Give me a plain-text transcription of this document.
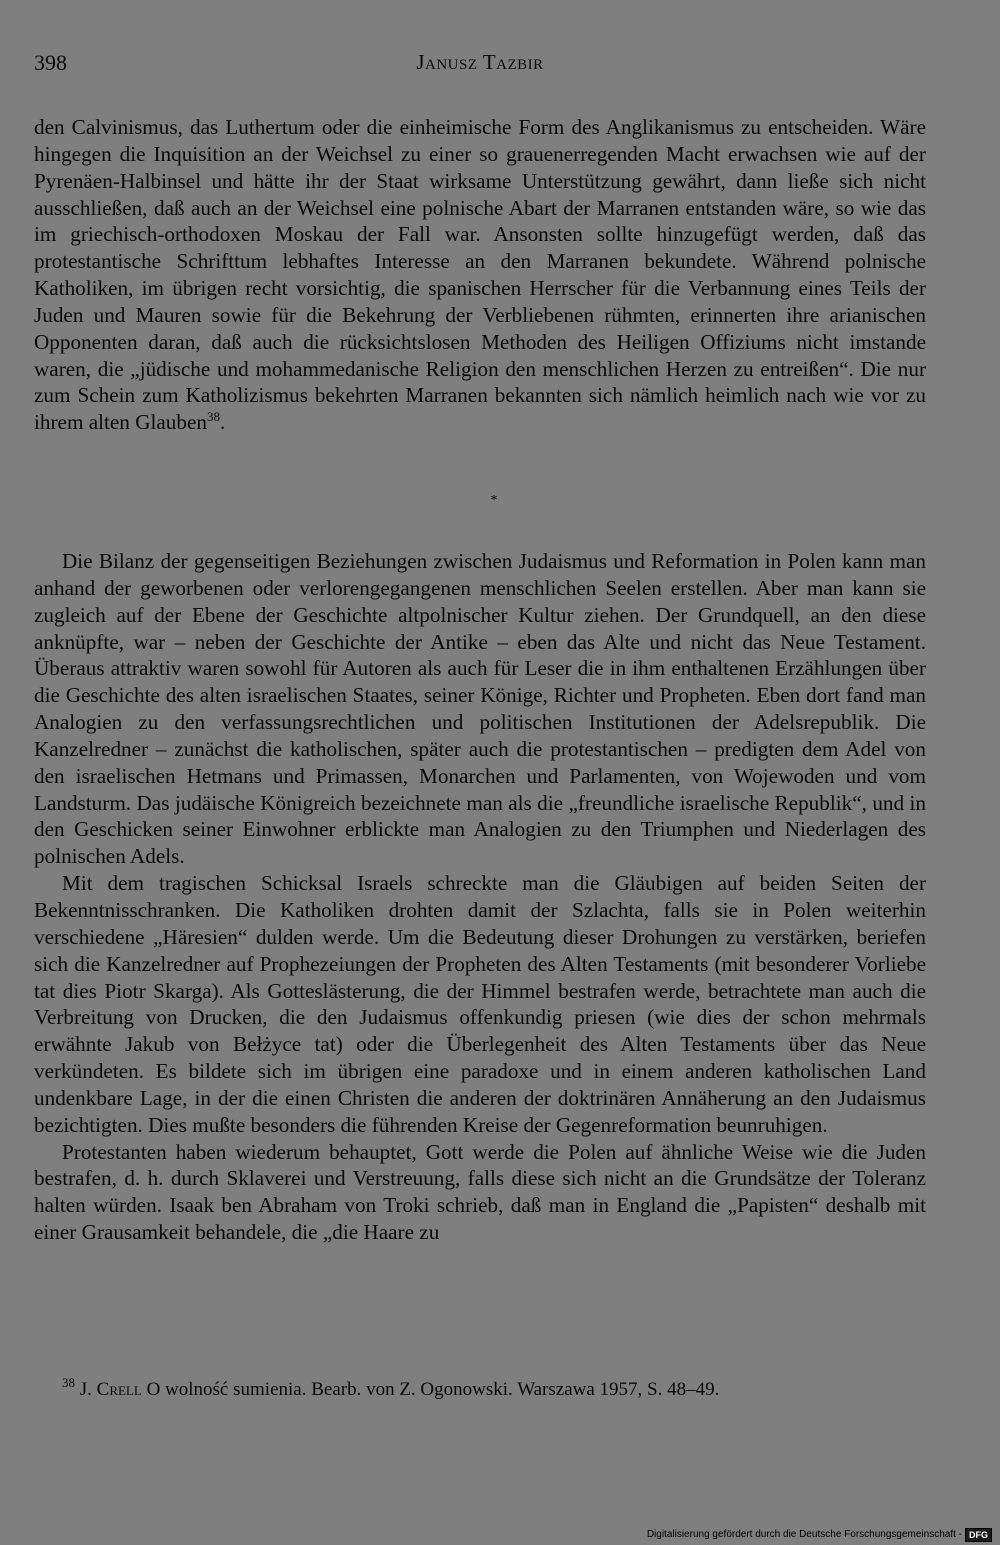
398	Janusz Tazbir

den Calvinismus, das Luthertum oder die einheimische Form des Anglikanismus zu entscheiden. Wäre hingegen die Inquisition an der Weichsel zu einer so grauenerregenden Macht erwachsen wie auf der Pyrenäen-Halbinsel und hätte ihr der Staat wirksame Unterstützung gewährt, dann ließe sich nicht ausschließen, daß auch an der Weichsel eine polnische Abart der Marranen entstanden wäre, so wie das im griechisch-orthodoxen Moskau der Fall war. Ansonsten sollte hinzugefügt werden, daß das protestantische Schrifttum lebhaftes Interesse an den Marranen bekundete. Während polnische Katholiken, im übrigen recht vorsichtig, die spanischen Herrscher für die Verbannung eines Teils der Juden und Mauren sowie für die Bekehrung der Verbliebenen rühmten, erinnerten ihre arianischen Opponenten daran, daß auch die rücksichtslosen Methoden des Heiligen Offiziums nicht imstande waren, die „jüdische und mohammedanische Religion den menschlichen Herzen zu entreißen“. Die nur zum Schein zum Katholizismus bekehrten Marranen bekannten sich nämlich heimlich nach wie vor zu ihrem alten Glauben$^{38}$.

*

Die Bilanz der gegenseitigen Beziehungen zwischen Judaismus und Reformation in Polen kann man anhand der geworbenen oder verlorengegangenen menschlichen Seelen erstellen. Aber man kann sie zugleich auf der Ebene der Geschichte altpolnischer Kultur ziehen. Der Grundquell, an den diese anknüpfte, war – neben der Geschichte der Antike – eben das Alte und nicht das Neue Testament. Überaus attraktiv waren sowohl für Autoren als auch für Leser die in ihm enthaltenen Erzählungen über die Geschichte des alten israelischen Staates, seiner Könige, Richter und Propheten. Eben dort fand man Analogien zu den verfassungsrechtlichen und politischen Institutionen der Adelsrepublik. Die Kanzelredner – zunächst die katholischen, später auch die protestantischen – predigten dem Adel von den israelischen Hetmans und Primassen, Monarchen und Parlamenten, von Wojewoden und vom Landsturm. Das judäische Königreich bezeichnete man als die „freundliche israelische Republik“, und in den Geschicken seiner Einwohner erblickte man Analogien zu den Triumphen und Niederlagen des polnischen Adels.

Mit dem tragischen Schicksal Israels schreckte man die Gläubigen auf beiden Seiten der Bekenntnisschranken. Die Katholiken drohten damit der Szlachta, falls sie in Polen weiterhin verschiedene „Häresien“ dulden werde. Um die Bedeutung dieser Drohungen zu verstärken, beriefen sich die Kanzelredner auf Prophezeiungen der Propheten des Alten Testaments (mit besonderer Vorliebe tat dies Piotr Skarga). Als Gotteslästerung, die der Himmel bestrafen werde, betrachtete man auch die Verbreitung von Drucken, die den Judaismus offenkundig priesen (wie dies der schon mehrmals erwähnte Jakub von Bełżyce tat) oder die Überlegenheit des Alten Testaments über das Neue verkündeten. Es bildete sich im übrigen eine paradoxe und in einem anderen katholischen Land undenkbare Lage, in der die einen Christen die anderen der doktrinären Annäherung an den Judaismus bezichtigten. Dies mußte besonders die führenden Kreise der Gegenreformation beunruhigen.

Protestanten haben wiederum behauptet, Gott werde die Polen auf ähnliche Weise wie die Juden bestrafen, d. h. durch Sklaverei und Verstreuung, falls diese sich nicht an die Grundsätze der Toleranz halten würden. Isaak ben Abraham von Troki schrieb, daß man in England die „Papisten“ deshalb mit einer Grausamkeit behandele, die „die Haare zu

$^{38}$ J. Crell O wolność sumienia. Bearb. von Z. Ogonowski. Warszawa 1957, S. 48–49.
Digitalisierung gefördert durch die Deutsche Forschungsgemeinschaft - DFG
